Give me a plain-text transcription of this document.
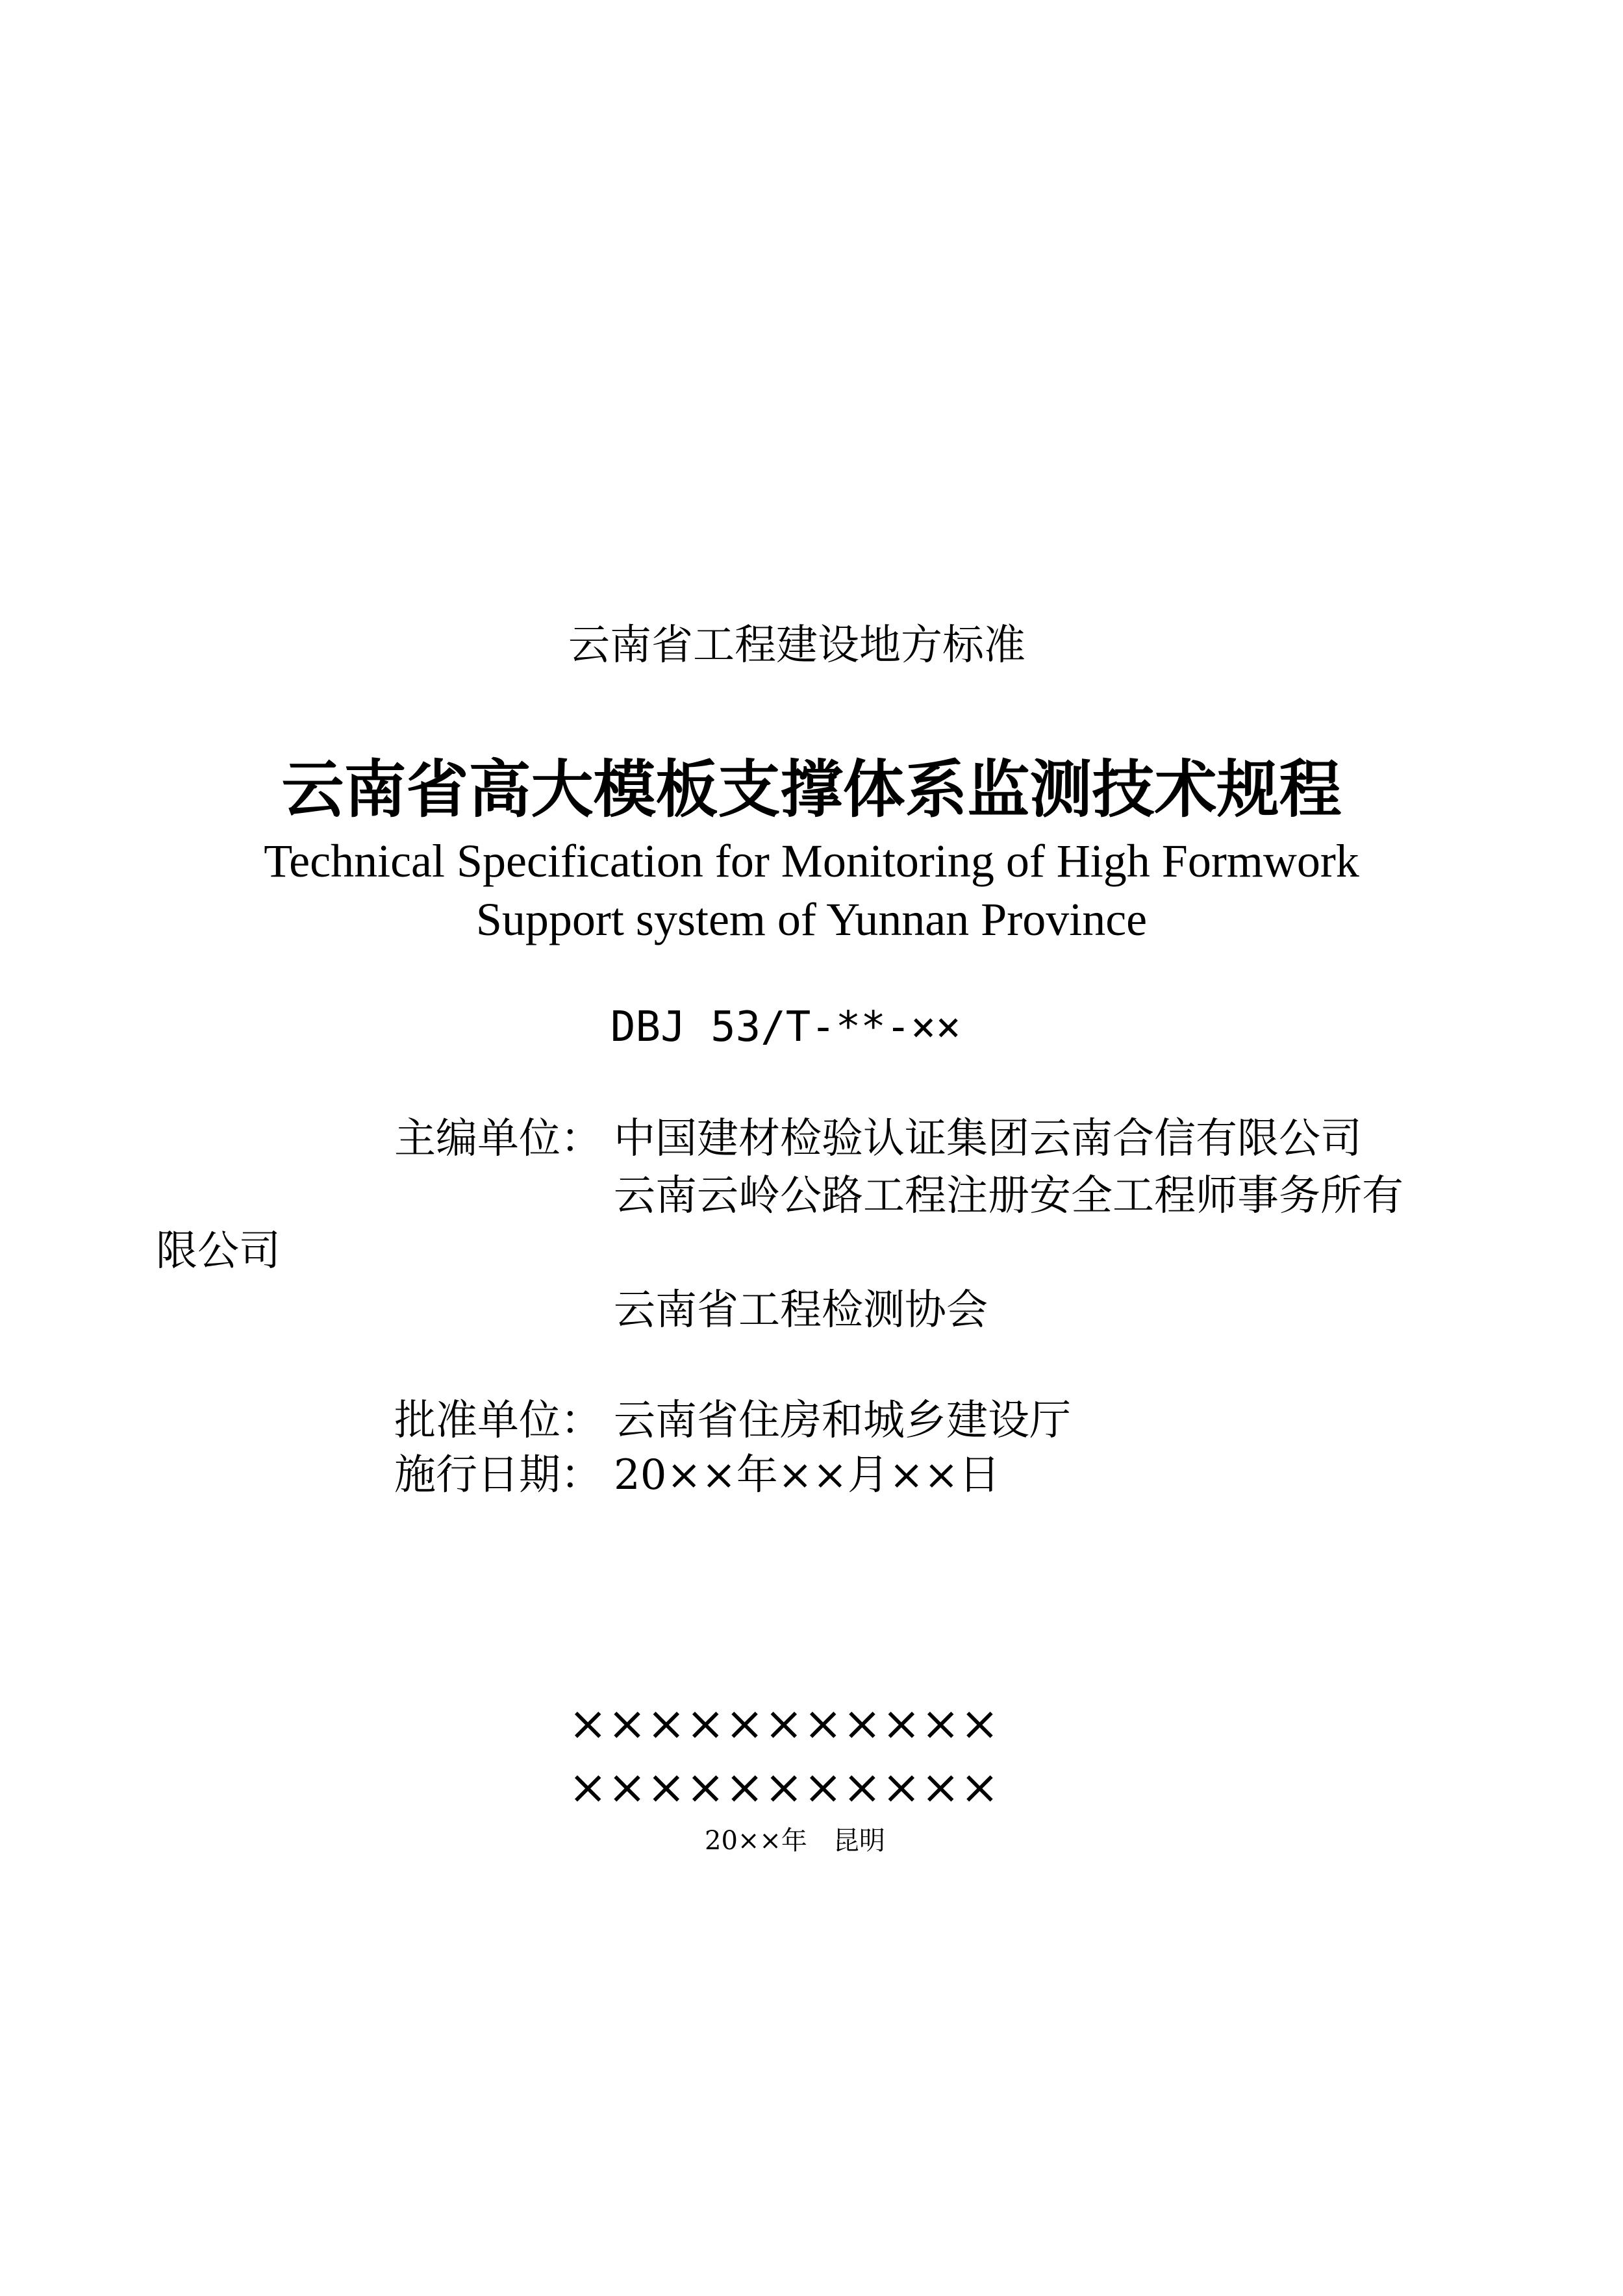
云南省工程建设地方标准

云南省高大模板支撑体系监测技术规程

Technical Specification for Monitoring of High Formwork

Support system of Yunnan Province

DBJ 53/T-**-××

主编单位： 中国建材检验认证集团云南合信有限公司
云南云岭公路工程注册安全工程师事务所有
限公司
云南省工程检测协会
批准单位： 云南省住房和城乡建设厅
施行日期： 20××年××月××日

×××××××××××

×××××××××××

20××年　昆明
